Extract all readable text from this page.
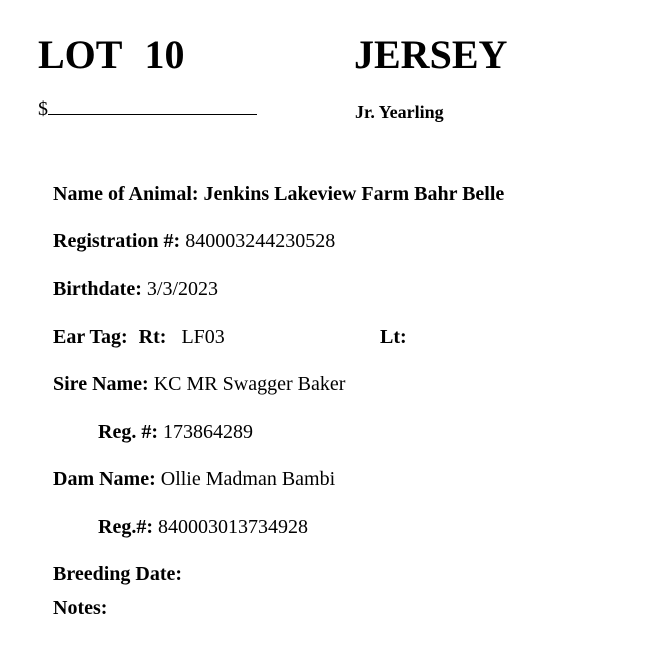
LOT 10	JERSEY
$	Jr. Yearling
Name of Animal: Jenkins Lakeview Farm Bahr Belle
Registration #: 840003244230528
Birthdate: 3/3/2023
Ear Tag: Rt: LF03	Lt:
Sire Name: KC MR Swagger Baker
Reg. #: 173864289
Dam Name: Ollie Madman Bambi
Reg.#: 840003013734928
Breeding Date:
Notes:
